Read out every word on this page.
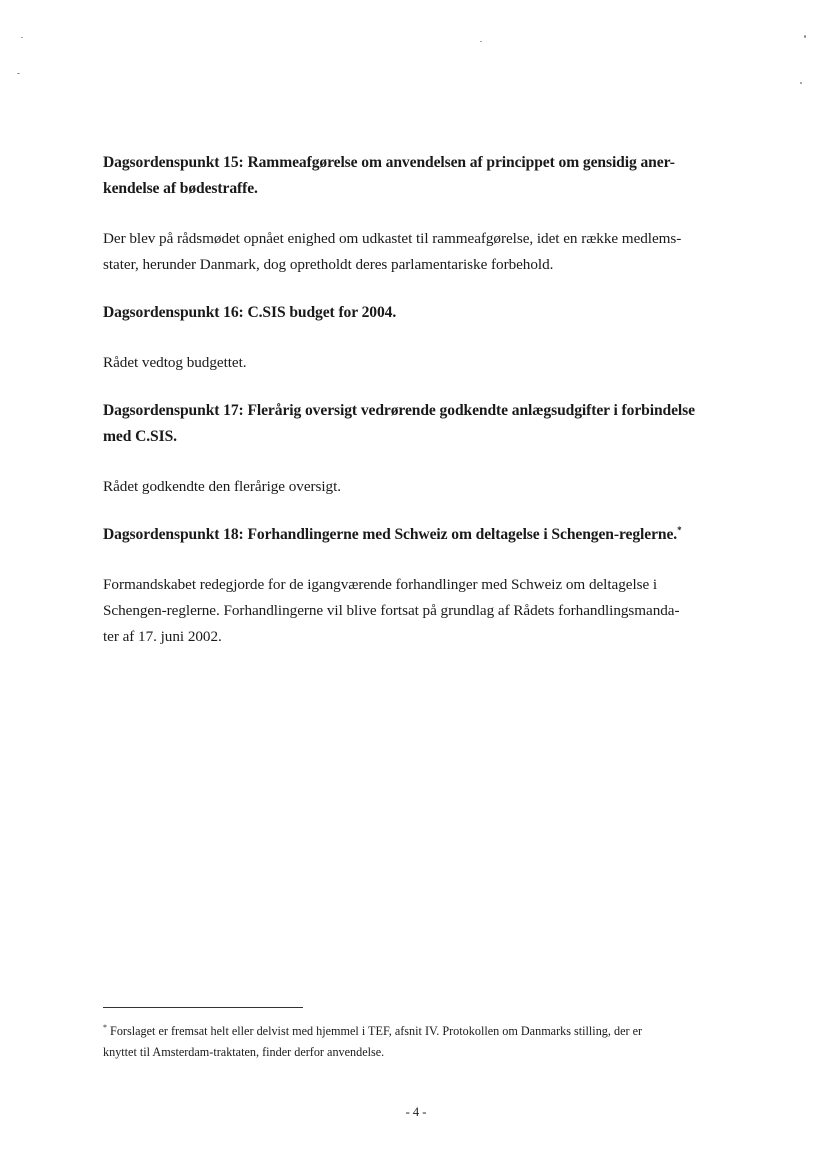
Dagsordenspunkt 15: Rammeafgørelse om anvendelsen af princippet om gensidig aner-
kendelse af bødestraffe.

Der blev på rådsmødet opnået enighed om udkastet til rammeafgørelse, idet en række medlems-
stater, herunder Danmark, dog opretholdt deres parlamentariske forbehold.

Dagsordenspunkt 16: C.SIS budget for 2004.

Rådet vedtog budgettet.

Dagsordenspunkt 17: Flerårig oversigt vedrørende godkendte anlægsudgifter i forbindelse
med C.SIS.

Rådet godkendte den flerårige oversigt.

Dagsordenspunkt 18: Forhandlingerne med Schweiz om deltagelse i Schengen-reglerne.*

Formandskabet redegjorde for de igangværende forhandlinger med Schweiz om deltagelse i
Schengen-reglerne. Forhandlingerne vil blive fortsat på grundlag af Rådets forhandlingsmanda-
ter af 17. juni 2002.

* Forslaget er fremsat helt eller delvist med hjemmel i TEF, afsnit IV. Protokollen om Danmarks stilling, der er
knyttet til Amsterdam-traktaten, finder derfor anvendelse.

- 4 -
